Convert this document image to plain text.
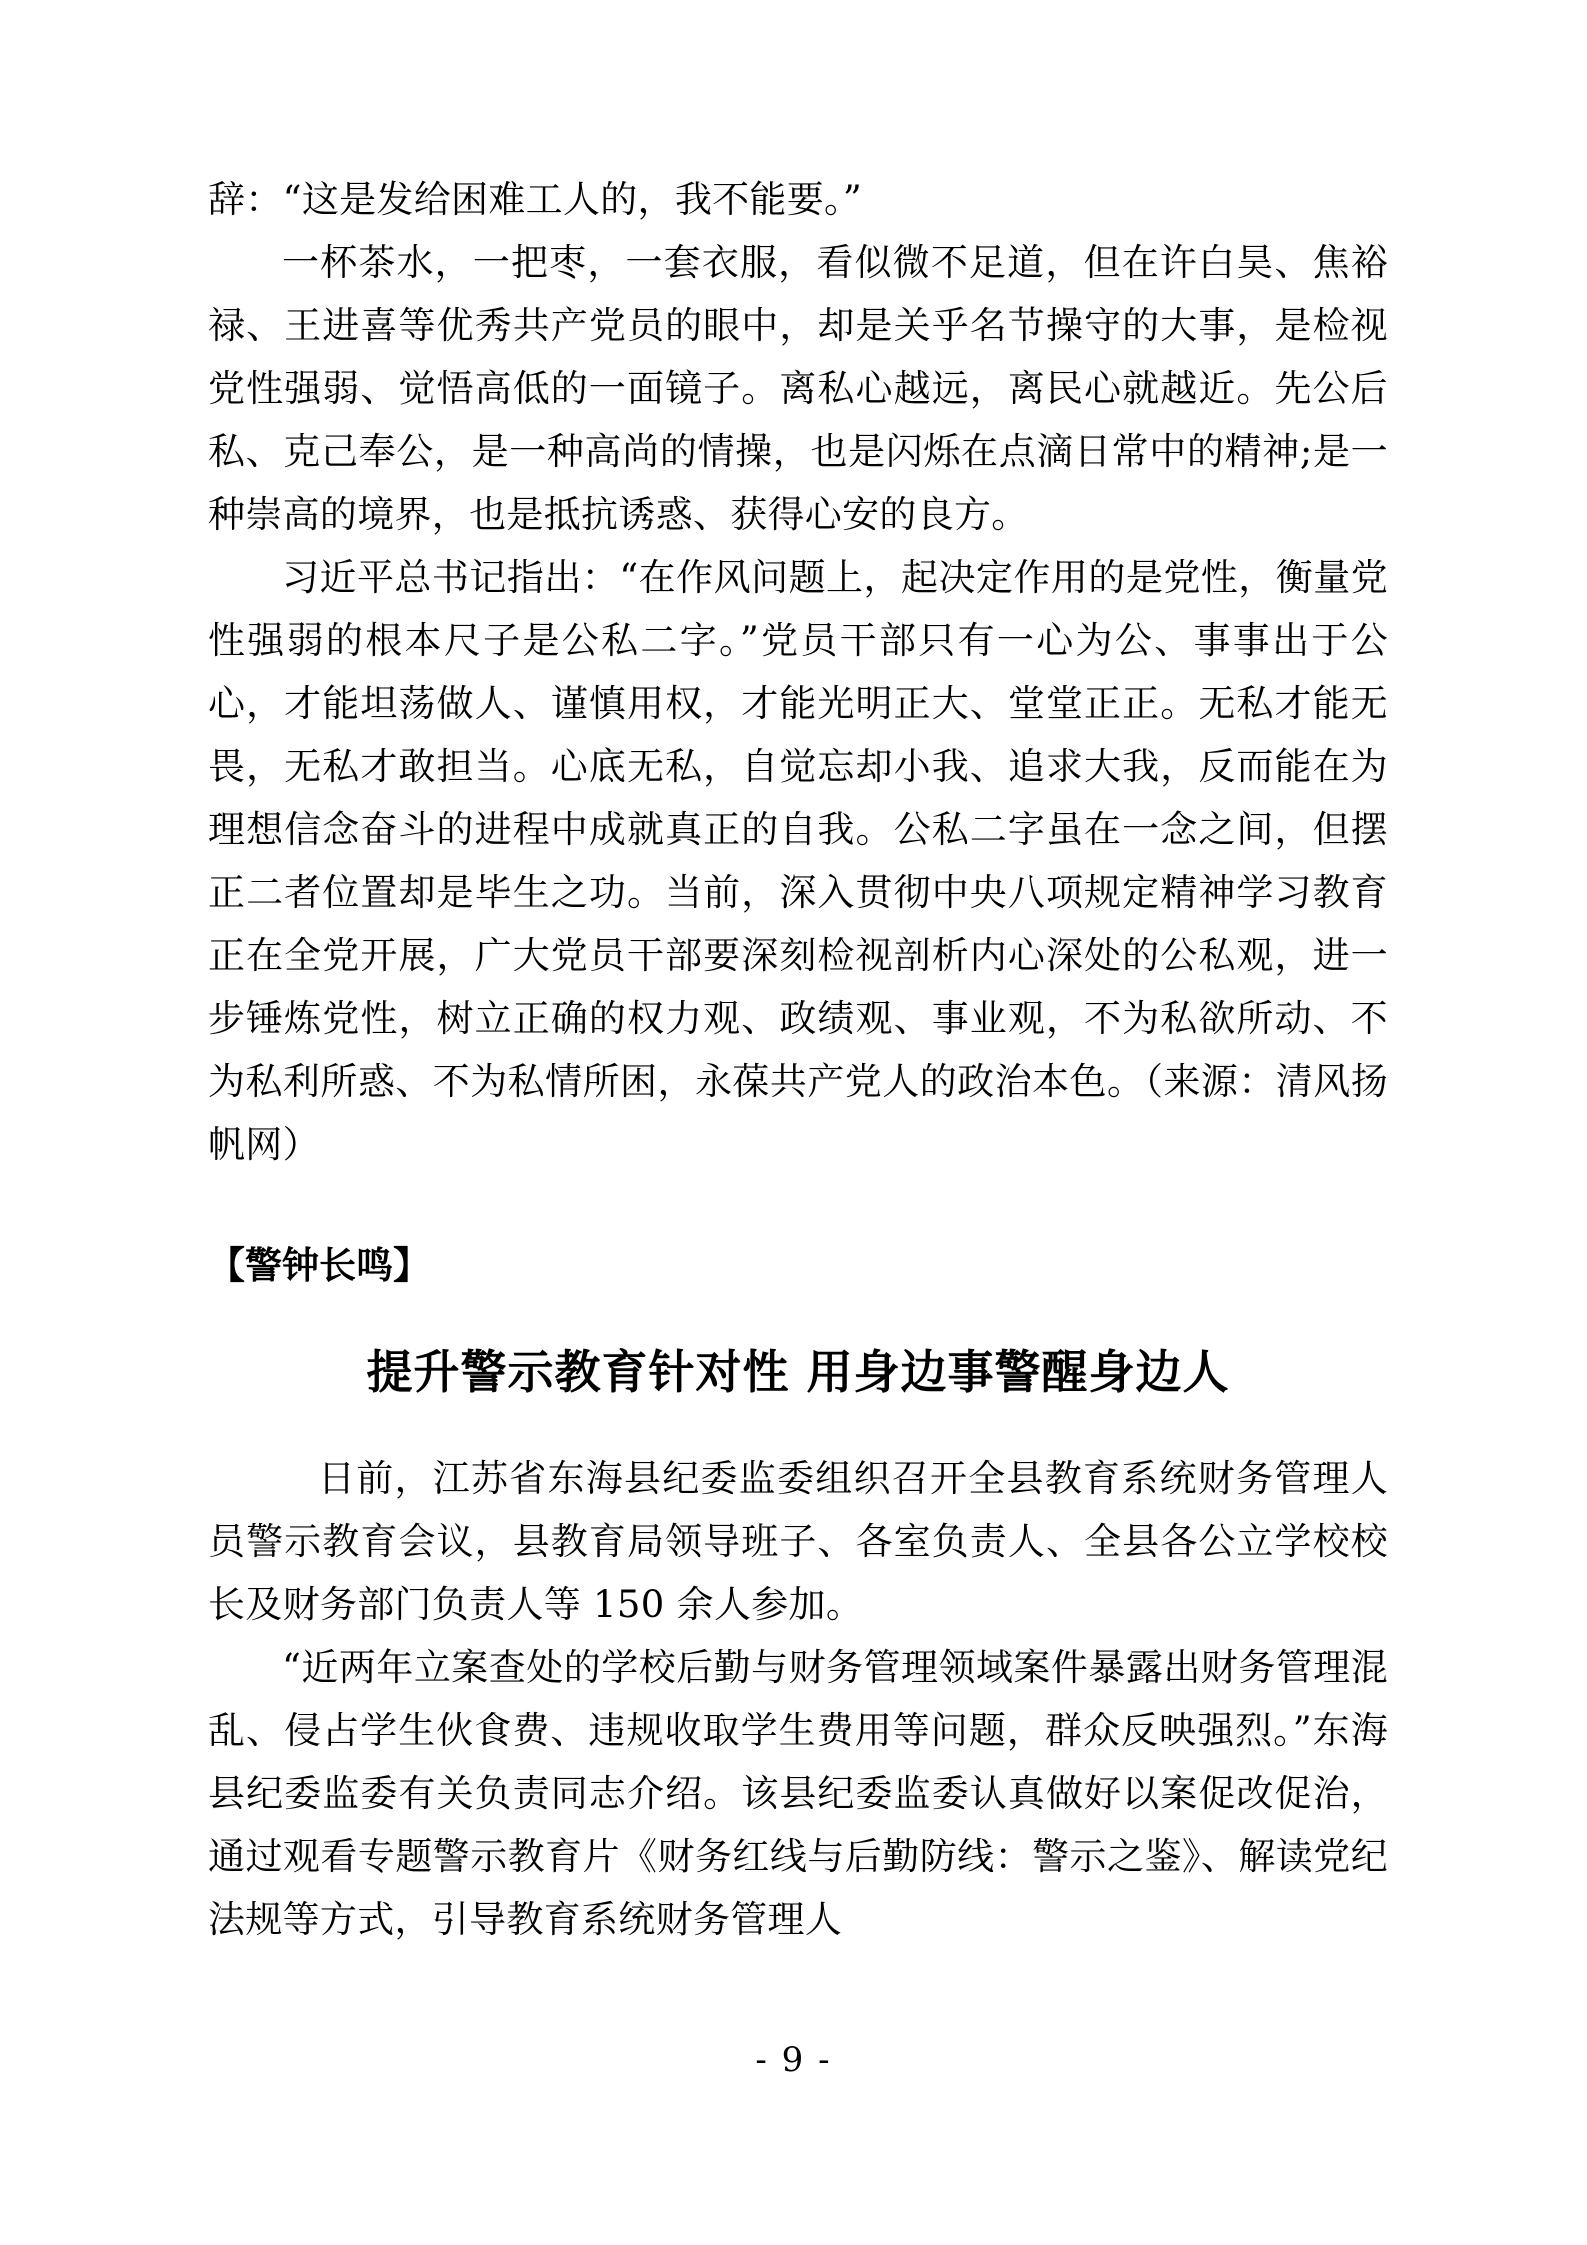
辞：“这是发给困难工人的，我不能要。”

一杯茶水，一把枣，一套衣服，看似微不足道，但在许白昊、焦裕禄、王进喜等优秀共产党员的眼中，却是关乎名节操守的大事，是检视党性强弱、觉悟高低的一面镜子。离私心越远，离民心就越近。先公后私、克己奉公，是一种高尚的情操，也是闪烁在点滴日常中的精神;是一种崇高的境界，也是抵抗诱惑、获得心安的良方。

习近平总书记指出：“在作风问题上，起决定作用的是党性，衡量党性强弱的根本尺子是公私二字。”党员干部只有一心为公、事事出于公心，才能坦荡做人、谨慎用权，才能光明正大、堂堂正正。无私才能无畏，无私才敢担当。心底无私，自觉忘却小我、追求大我，反而能在为理想信念奋斗的进程中成就真正的自我。公私二字虽在一念之间，但摆正二者位置却是毕生之功。当前，深入贯彻中央八项规定精神学习教育正在全党开展，广大党员干部要深刻检视剖析内心深处的公私观，进一步锤炼党性，树立正确的权力观、政绩观、事业观，不为私欲所动、不为私利所惑、不为私情所困，永葆共产党人的政治本色。（来源：清风扬帆网）

【警钟长鸣】

提升警示教育针对性 用身边事警醒身边人

日前，江苏省东海县纪委监委组织召开全县教育系统财务管理人员警示教育会议，县教育局领导班子、各室负责人、全县各公立学校校长及财务部门负责人等 150 余人参加。

“近两年立案查处的学校后勤与财务管理领域案件暴露出财务管理混乱、侵占学生伙食费、违规收取学生费用等问题，群众反映强烈。”东海县纪委监委有关负责同志介绍。该县纪委监委认真做好以案促改促治，通过观看专题警示教育片《财务红线与后勤防线：警示之鉴》、解读党纪法规等方式，引导教育系统财务管理人

- 9 -
